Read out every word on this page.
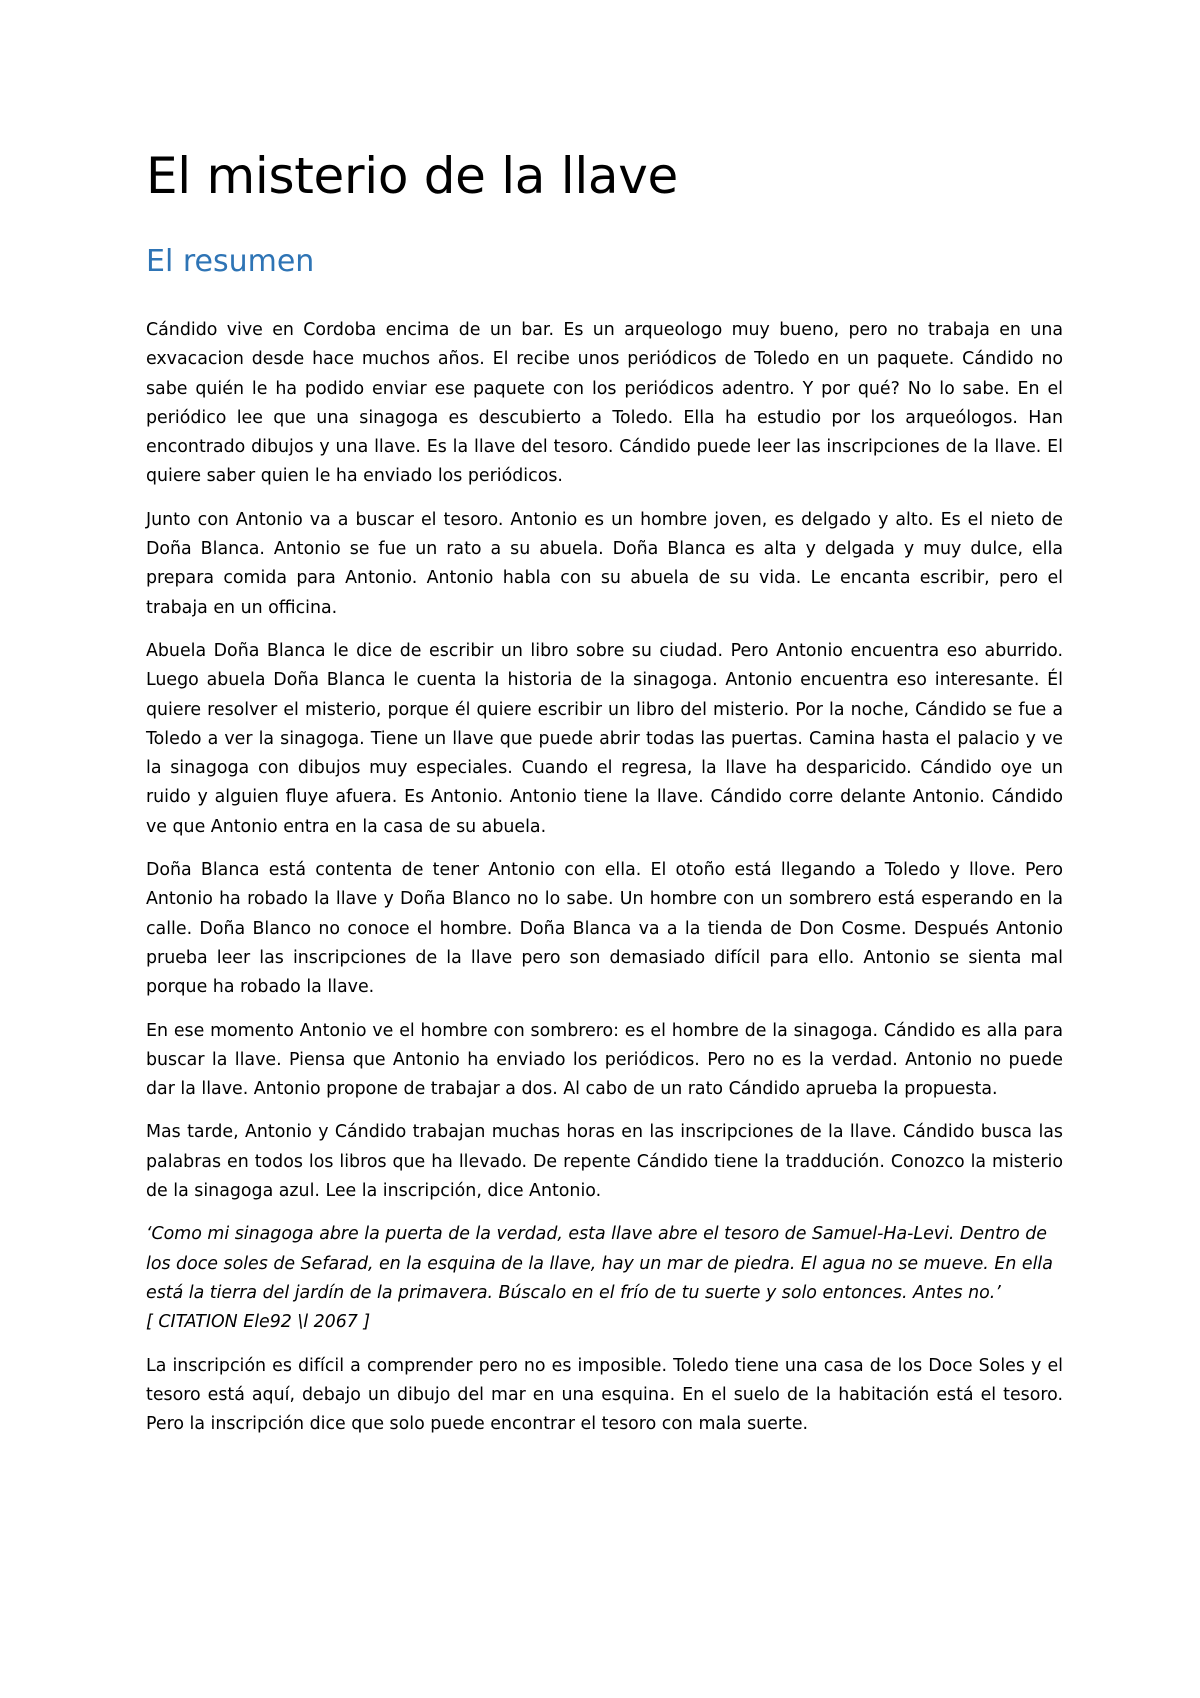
El misterio de la llave
El resumen

Cándido vive en Cordoba encima de un bar. Es un arqueologo muy bueno, pero no trabaja en una exvacacion desde hace muchos años. El recibe unos periódicos de Toledo en un paquete. Cándido no sabe quién le ha podido enviar ese paquete con los periódicos adentro. Y por qué? No lo sabe. En el periódico lee que una sinagoga es descubierto a Toledo. Ella ha estudio por los arqueólogos. Han encontrado dibujos y una llave. Es la llave del tesoro. Cándido puede leer las inscripciones de la llave. El quiere saber quien le ha enviado los periódicos.

Junto con Antonio va a buscar el tesoro. Antonio es un hombre joven, es delgado y alto. Es el nieto de Doña Blanca. Antonio se fue un rato a su abuela. Doña Blanca es alta y delgada y muy dulce, ella prepara comida para Antonio. Antonio habla con su abuela de su vida. Le encanta escribir, pero el trabaja en un officina.

Abuela Doña Blanca le dice de escribir un libro sobre su ciudad. Pero Antonio encuentra eso aburrido. Luego abuela Doña Blanca le cuenta la historia de la sinagoga. Antonio encuentra eso interesante. Él quiere resolver el misterio, porque él quiere escribir un libro del misterio. Por la noche, Cándido se fue a Toledo a ver la sinagoga. Tiene un llave que puede abrir todas las puertas. Camina hasta el palacio y ve la sinagoga con dibujos muy especiales. Cuando el regresa, la llave ha desparicido. Cándido oye un ruido y alguien fluye afuera. Es Antonio. Antonio tiene la llave. Cándido corre delante Antonio. Cándido ve que Antonio entra en la casa de su abuela.

Doña Blanca está contenta de tener Antonio con ella. El otoño está llegando a Toledo y llove. Pero Antonio ha robado la llave y Doña Blanco no lo sabe. Un hombre con un sombrero está esperando en la calle. Doña Blanco no conoce el hombre. Doña Blanca va a la tienda de Don Cosme. Después Antonio prueba leer las inscripciones de la llave pero son demasiado difícil para ello. Antonio se sienta mal porque ha robado la llave.

En ese momento Antonio ve el hombre con sombrero: es el hombre de la sinagoga. Cándido es alla para buscar la llave. Piensa que Antonio ha enviado los periódicos. Pero no es la verdad. Antonio no puede dar la llave. Antonio propone de trabajar a dos. Al cabo de un rato Cándido aprueba la propuesta.

Mas tarde, Antonio y Cándido trabajan muchas horas en las inscripciones de la llave. Cándido busca las palabras en todos los libros que ha llevado. De repente Cándido tiene la traddución. Conozco la misterio de la sinagoga azul. Lee la inscripción, dice Antonio.

‘Como mi sinagoga abre la puerta de la verdad, esta llave abre el tesoro de Samuel-Ha-Levi. Dentro de los doce soles de Sefarad, en la esquina de la llave, hay un mar de piedra. El agua no se mueve. En ella está la tierra del jardín de la primavera. Búscalo en el frío de tu suerte y solo entonces. Antes no.’
[ CITATION Ele92 \l 2067 ]

La inscripción es difícil a comprender pero no es imposible. Toledo tiene una casa de los Doce Soles y el tesoro está aquí, debajo un dibujo del mar en una esquina. En el suelo de la habitación está el tesoro. Pero la inscripción dice que solo puede encontrar el tesoro con mala suerte.
